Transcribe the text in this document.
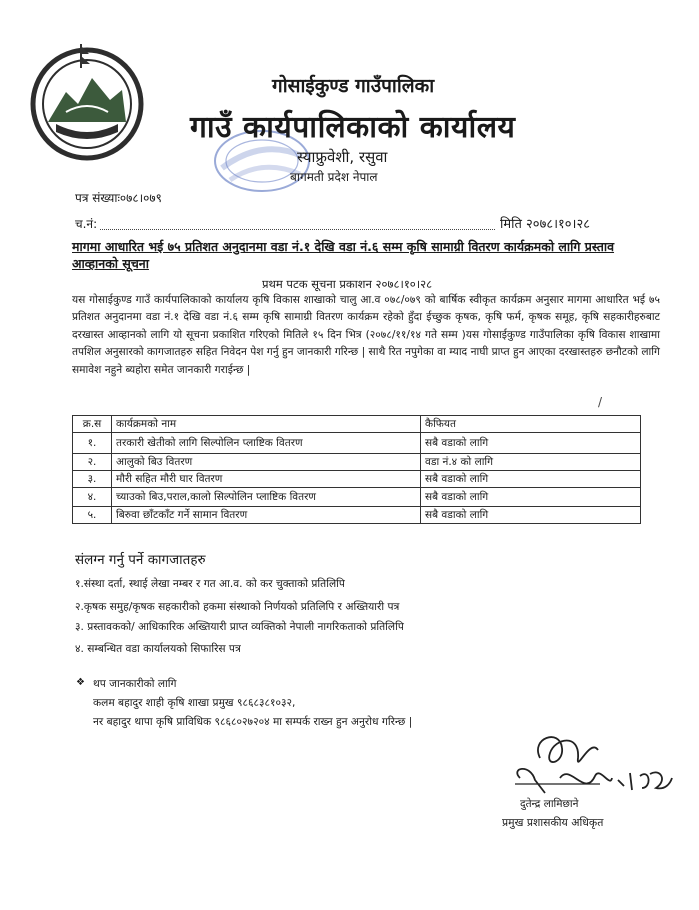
गोसाईकुण्ड गाउँपालिका
गाउँ कार्यपालिकाको कार्यालय
स्याफ्रुवेशी, रसुवा
बागमती प्रदेश नेपाल
पत्र संख्याः०७८।०७९
च.नं:	मिति २०७८।१०।२८
मागमा आधारित भई ७५ प्रतिशत अनुदानमा वडा नं.१ देखि वडा नं.६ सम्म कृषि सामाग्री वितरण कार्यक्रमको लागि प्रस्ताव आव्हानको सूचना
प्रथम पटक सूचना प्रकाशन २०७८।१०।२८
यस गोसाईकुण्ड गाउँ कार्यपालिकाको कार्यालय कृषि विकास शाखाको चालु आ.व ०७८/०७९ को बार्षिक स्वीकृत कार्यक्रम अनुसार मागमा आधारित भई ७५ प्रतिशत अनुदानमा वडा नं.१ देखि वडा नं.६ सम्म कृषि सामाग्री वितरण कार्यक्रम रहेको हुँदा ईच्छुक कृषक, कृषि फर्म, कृषक समूह, कृषि सहकारीहरुबाट दरखास्त आव्हानको लागि यो सूचना प्रकाशित गरिएको मितिले १५ दिन भित्र (२०७८/११/१४ गते सम्म )यस गोसाईकुण्ड गाउँपालिका कृषि विकास शाखामा तपशिल अनुसारको कागजातहरु सहित निवेदन पेश गर्नु हुन जानकारी गरिन्छ | साथै रित नपुगेका वा म्याद नाघी प्राप्त हुन आएका दरखास्तहरु छनौटको लागि समावेश नहुने ब्यहोरा समेत जानकारी गराईन्छ |
/
क्र.स	कार्यक्रमको नाम	कैफियत
१.	तरकारी खेतीको लागि सिल्पोलिन प्लाष्टिक वितरण	सबै वडाको लागि
२.	आलुको बिउ वितरण	वडा नं.४ को लागि
३.	मौरी सहित मौरी घार वितरण	सबै वडाको लागि
४.	च्याउको बिउ,पराल,कालो सिल्पोलिन प्लाष्टिक वितरण	सबै वडाको लागि
५.	बिरुवा छाँटकाँट गर्ने सामान वितरण	सबै वडाको लागि
संलग्न गर्नु पर्ने कागजातहरु
१.संस्था दर्ता, स्थाई लेखा नम्बर र गत आ.व. को कर चुक्ताको प्रतिलिपि
२.कृषक समुह/कृषक सहकारीको हकमा संस्थाको निर्णयको प्रतिलिपि र अख्तियारी पत्र
३. प्रस्तावकको/ आधिकारिक अख्तियारी प्राप्त व्यक्तिको नेपाली नागरिकताको प्रतिलिपि
४. सम्बन्धित वडा कार्यालयको सिफारिस पत्र
❖ थप जानकारीको लागि
कलम बहादुर शाही कृषि शाखा प्रमुख ९८६८३८१०३२,
नर बहादुर थापा कृषि प्राविधिक ९८६८०२७२०४ मा सम्पर्क राख्न हुन अनुरोध गरिन्छ |
दुतेन्द्र लामिछाने
प्रमुख प्रशासकीय अधिकृत
